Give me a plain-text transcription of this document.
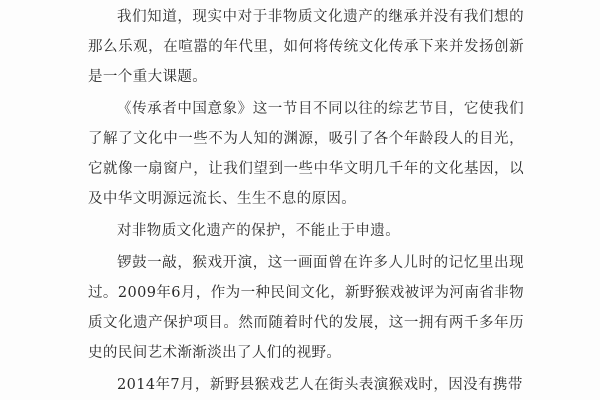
我们知道，现实中对于非物质文化遗产的继承并没有我们想的那么乐观，在喧嚣的年代里，如何将传统文化传承下来并发扬创新是一个重大课题。

《传承者中国意象》这一节目不同以往的综艺节目，它使我们了解了文化中一些不为人知的渊源，吸引了各个年龄段人的目光，它就像一扇窗户，让我们望到一些中华文明几千年的文化基因，以及中华文明源远流长、生生不息的原因。

对非物质文化遗产的保护，不能止于申遗。

锣鼓一敲，猴戏开演，这一画面曾在许多人儿时的记忆里出现过。2009年6月，作为一种民间文化，新野猴戏被评为河南省非物质文化遗产保护项目。然而随着时代的发展，这一拥有两千多年历史的民间艺术渐渐淡出了人们的视野。

2014年7月，新野县猴戏艺人在街头表演猴戏时，因没有携带
